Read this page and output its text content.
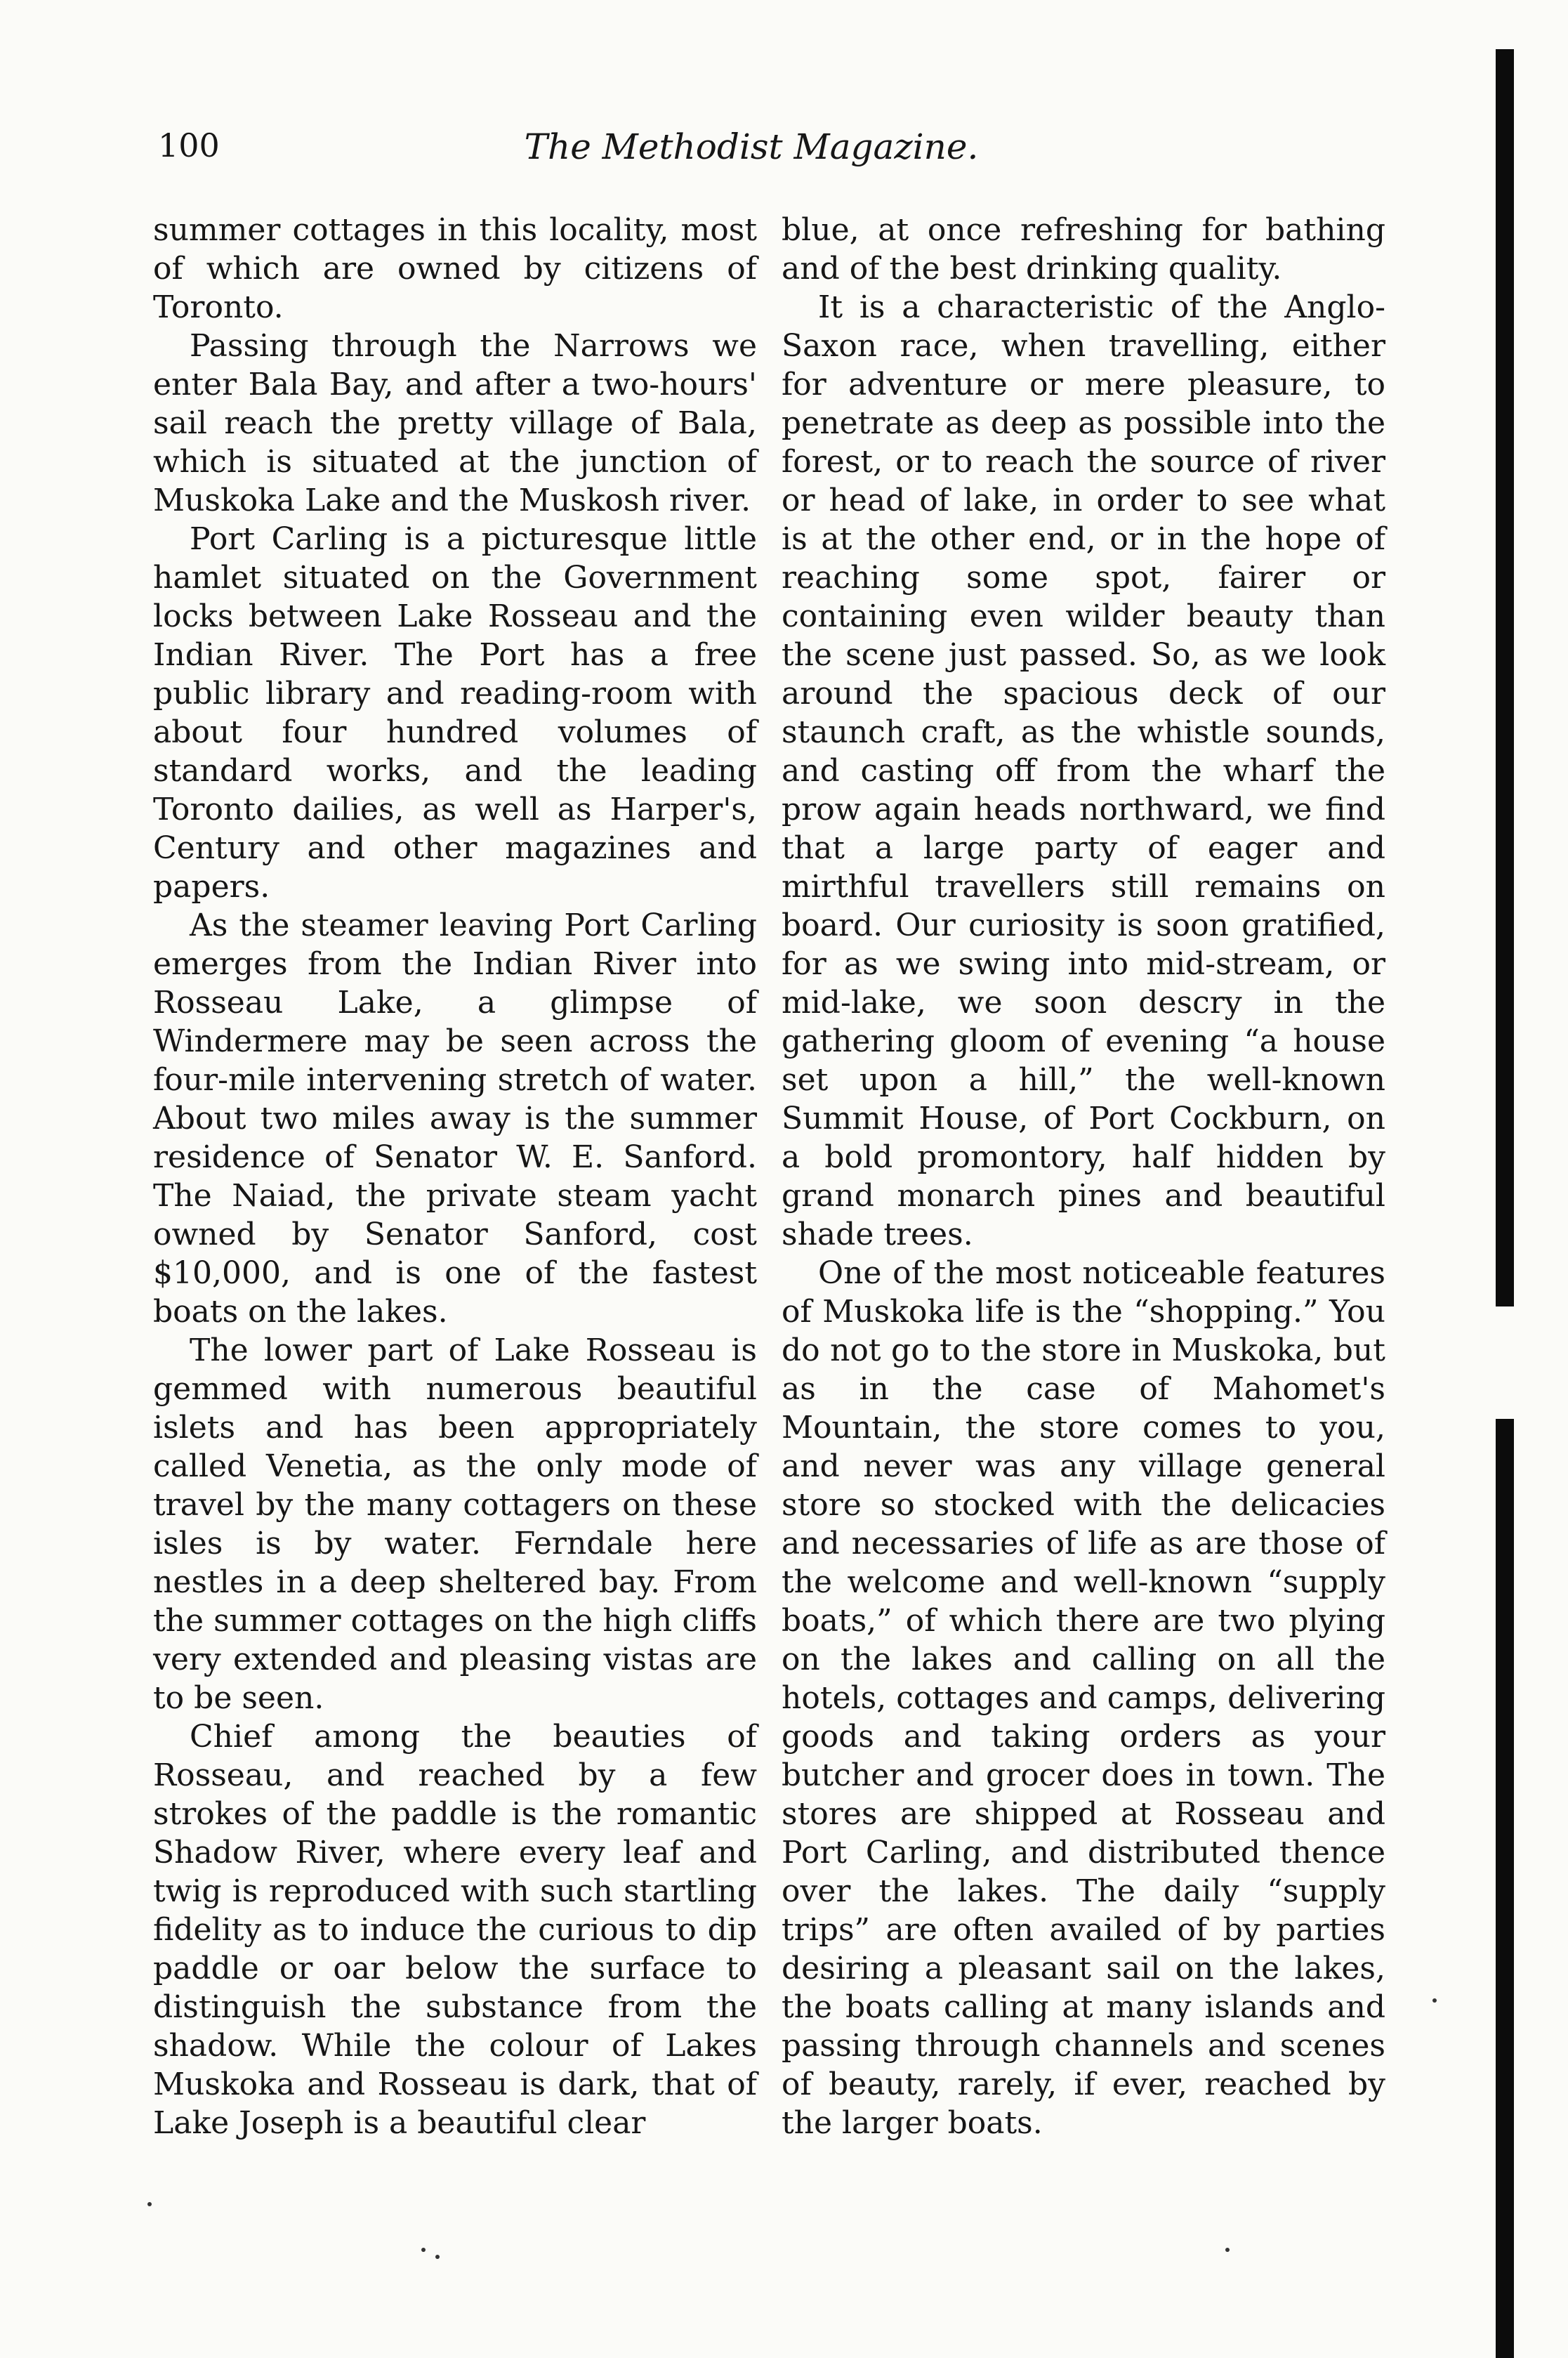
100	The Methodist Magazine.

summer cottages in this locality, most of which are owned by citizens of Toronto.

Passing through the Narrows we enter Bala Bay, and after a two-hours' sail reach the pretty village of Bala, which is situated at the junction of Muskoka Lake and the Muskosh river.

Port Carling is a picturesque little hamlet situated on the Government locks between Lake Rosseau and the Indian River. The Port has a free public library and reading-room with about four hundred volumes of standard works, and the leading Toronto dailies, as well as Harper's, Century and other magazines and papers.

As the steamer leaving Port Carling emerges from the Indian River into Rosseau Lake, a glimpse of Windermere may be seen across the four-mile intervening stretch of water. About two miles away is the summer residence of Senator W. E. Sanford. The Naiad, the private steam yacht owned by Senator Sanford, cost $10,000, and is one of the fastest boats on the lakes.

The lower part of Lake Rosseau is gemmed with numerous beautiful islets and has been appropriately called Venetia, as the only mode of travel by the many cottagers on these isles is by water. Ferndale here nestles in a deep sheltered bay. From the summer cottages on the high cliffs very extended and pleasing vistas are to be seen.

Chief among the beauties of Rosseau, and reached by a few strokes of the paddle is the romantic Shadow River, where every leaf and twig is reproduced with such startling fidelity as to induce the curious to dip paddle or oar below the surface to distinguish the substance from the shadow. While the colour of Lakes Muskoka and Rosseau is dark, that of Lake Joseph is a beautiful clear

blue, at once refreshing for bathing and of the best drinking quality.

It is a characteristic of the Anglo-Saxon race, when travelling, either for adventure or mere pleasure, to penetrate as deep as possible into the forest, or to reach the source of river or head of lake, in order to see what is at the other end, or in the hope of reaching some spot, fairer or containing even wilder beauty than the scene just passed. So, as we look around the spacious deck of our staunch craft, as the whistle sounds, and casting off from the wharf the prow again heads northward, we find that a large party of eager and mirthful travellers still remains on board. Our curiosity is soon gratified, for as we swing into mid-stream, or mid-lake, we soon descry in the gathering gloom of evening “a house set upon a hill,” the well-known Summit House, of Port Cockburn, on a bold promontory, half hidden by grand monarch pines and beautiful shade trees.

One of the most noticeable features of Muskoka life is the “shopping.” You do not go to the store in Muskoka, but as in the case of Mahomet's Mountain, the store comes to you, and never was any village general store so stocked with the delicacies and necessaries of life as are those of the welcome and well-known “supply boats,” of which there are two plying on the lakes and calling on all the hotels, cottages and camps, delivering goods and taking orders as your butcher and grocer does in town. The stores are shipped at Rosseau and Port Carling, and distributed thence over the lakes. The daily “supply trips” are often availed of by parties desiring a pleasant sail on the lakes, the boats calling at many islands and passing through channels and scenes of beauty, rarely, if ever, reached by the larger boats.
